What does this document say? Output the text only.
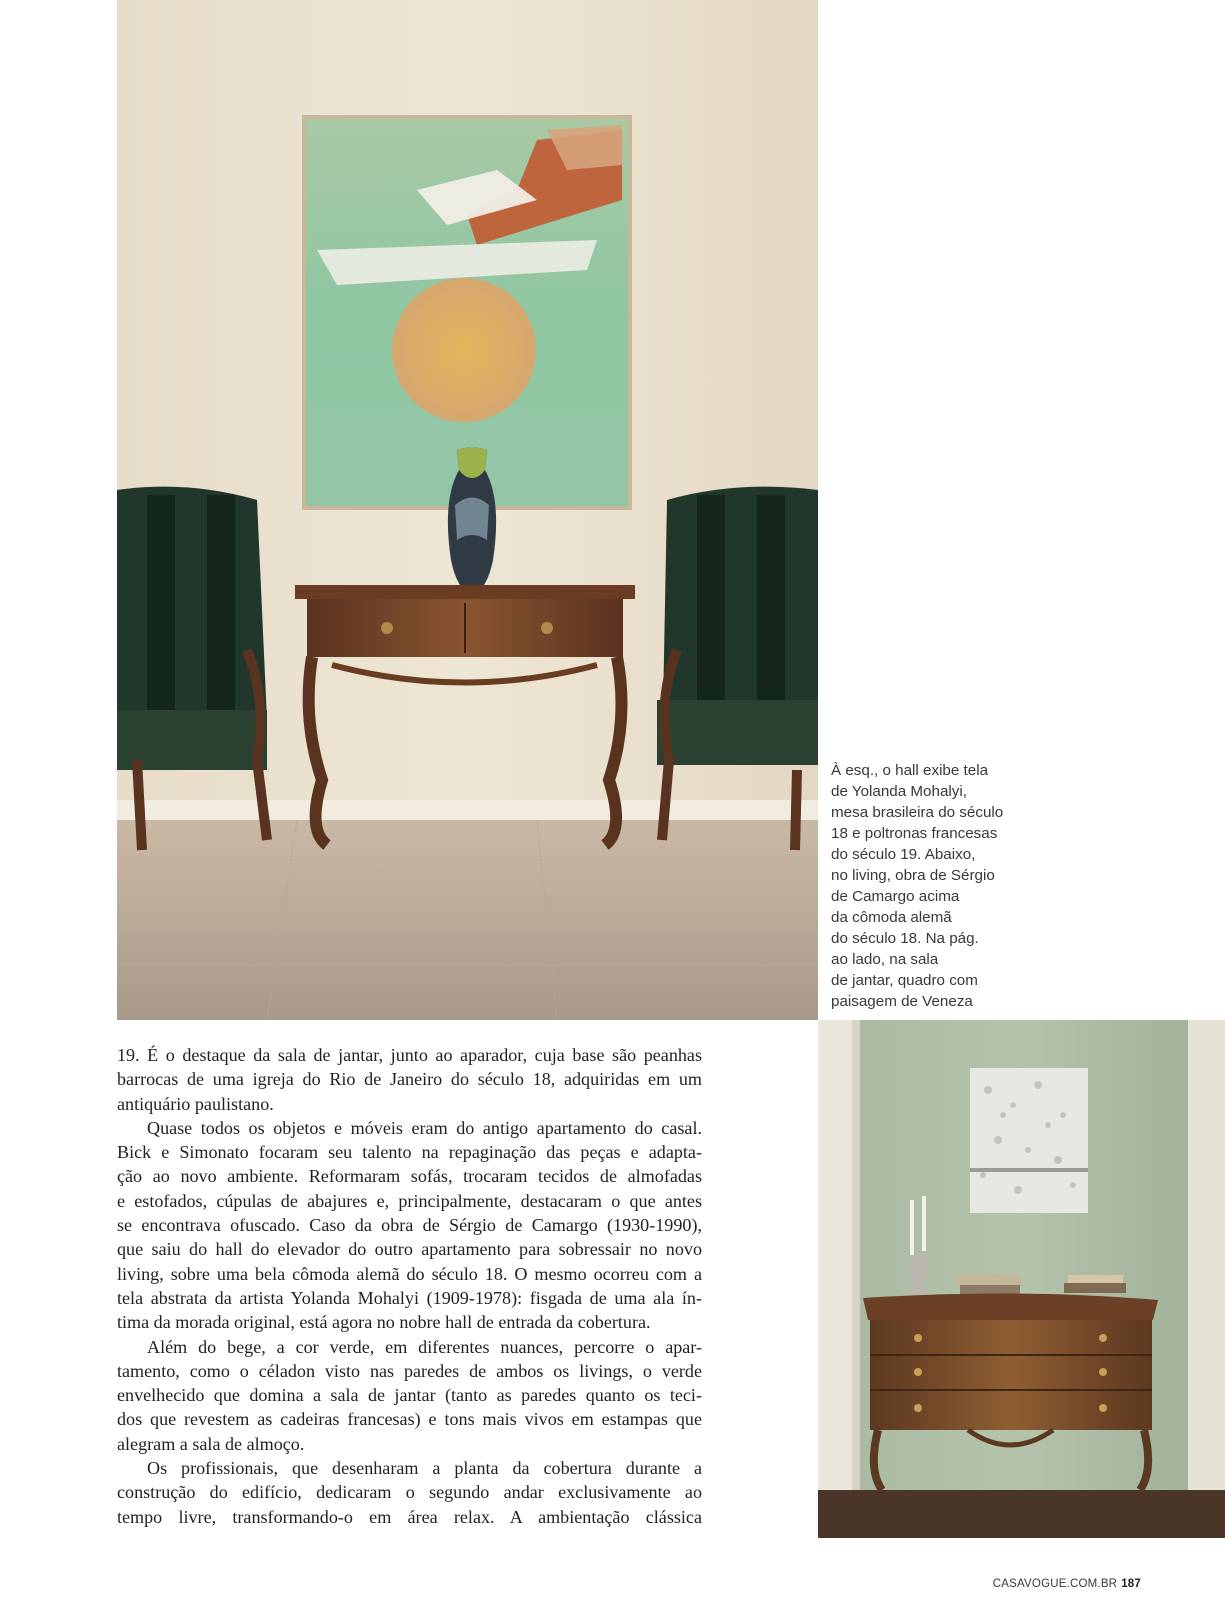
À esq., o hall exibe tela
de Yolanda Mohalyi,
mesa brasileira do século
18 e poltronas francesas
do século 19. Abaixo,
no living, obra de Sérgio
de Camargo acima
da cômoda alemã
do século 18. Na pág.
ao lado, na sala
de jantar, quadro com
paisagem de Veneza
19. É o destaque da sala de jantar, junto ao aparador, cuja base são peanhas
barrocas de uma igreja do Rio de Janeiro do século 18, adquiridas em um
antiquário paulistano.
Quase todos os objetos e móveis eram do antigo apartamento do casal.
Bick e Simonato focaram seu talento na repaginação das peças e adapta-
ção ao novo ambiente. Reformaram sofás, trocaram tecidos de almofadas
e estofados, cúpulas de abajures e, principalmente, destacaram o que antes
se encontrava ofuscado. Caso da obra de Sérgio de Camargo (1930-1990),
que saiu do hall do elevador do outro apartamento para sobressair no novo
living, sobre uma bela cômoda alemã do século 18. O mesmo ocorreu com a
tela abstrata da artista Yolanda Mohalyi (1909-1978): fisgada de uma ala ín-
tima da morada original, está agora no nobre hall de entrada da cobertura.
Além do bege, a cor verde, em diferentes nuances, percorre o apar-
tamento, como o céladon visto nas paredes de ambos os livings, o verde
envelhecido que domina a sala de jantar (tanto as paredes quanto os teci-
dos que revestem as cadeiras francesas) e tons mais vivos em estampas que
alegram a sala de almoço.
Os profissionais, que desenharam a planta da cobertura durante a
construção do edifício, dedicaram o segundo andar exclusivamente ao
tempo livre, transformando-o em área relax. A ambientação clássica
CASAVOGUE.COM.BR 187
